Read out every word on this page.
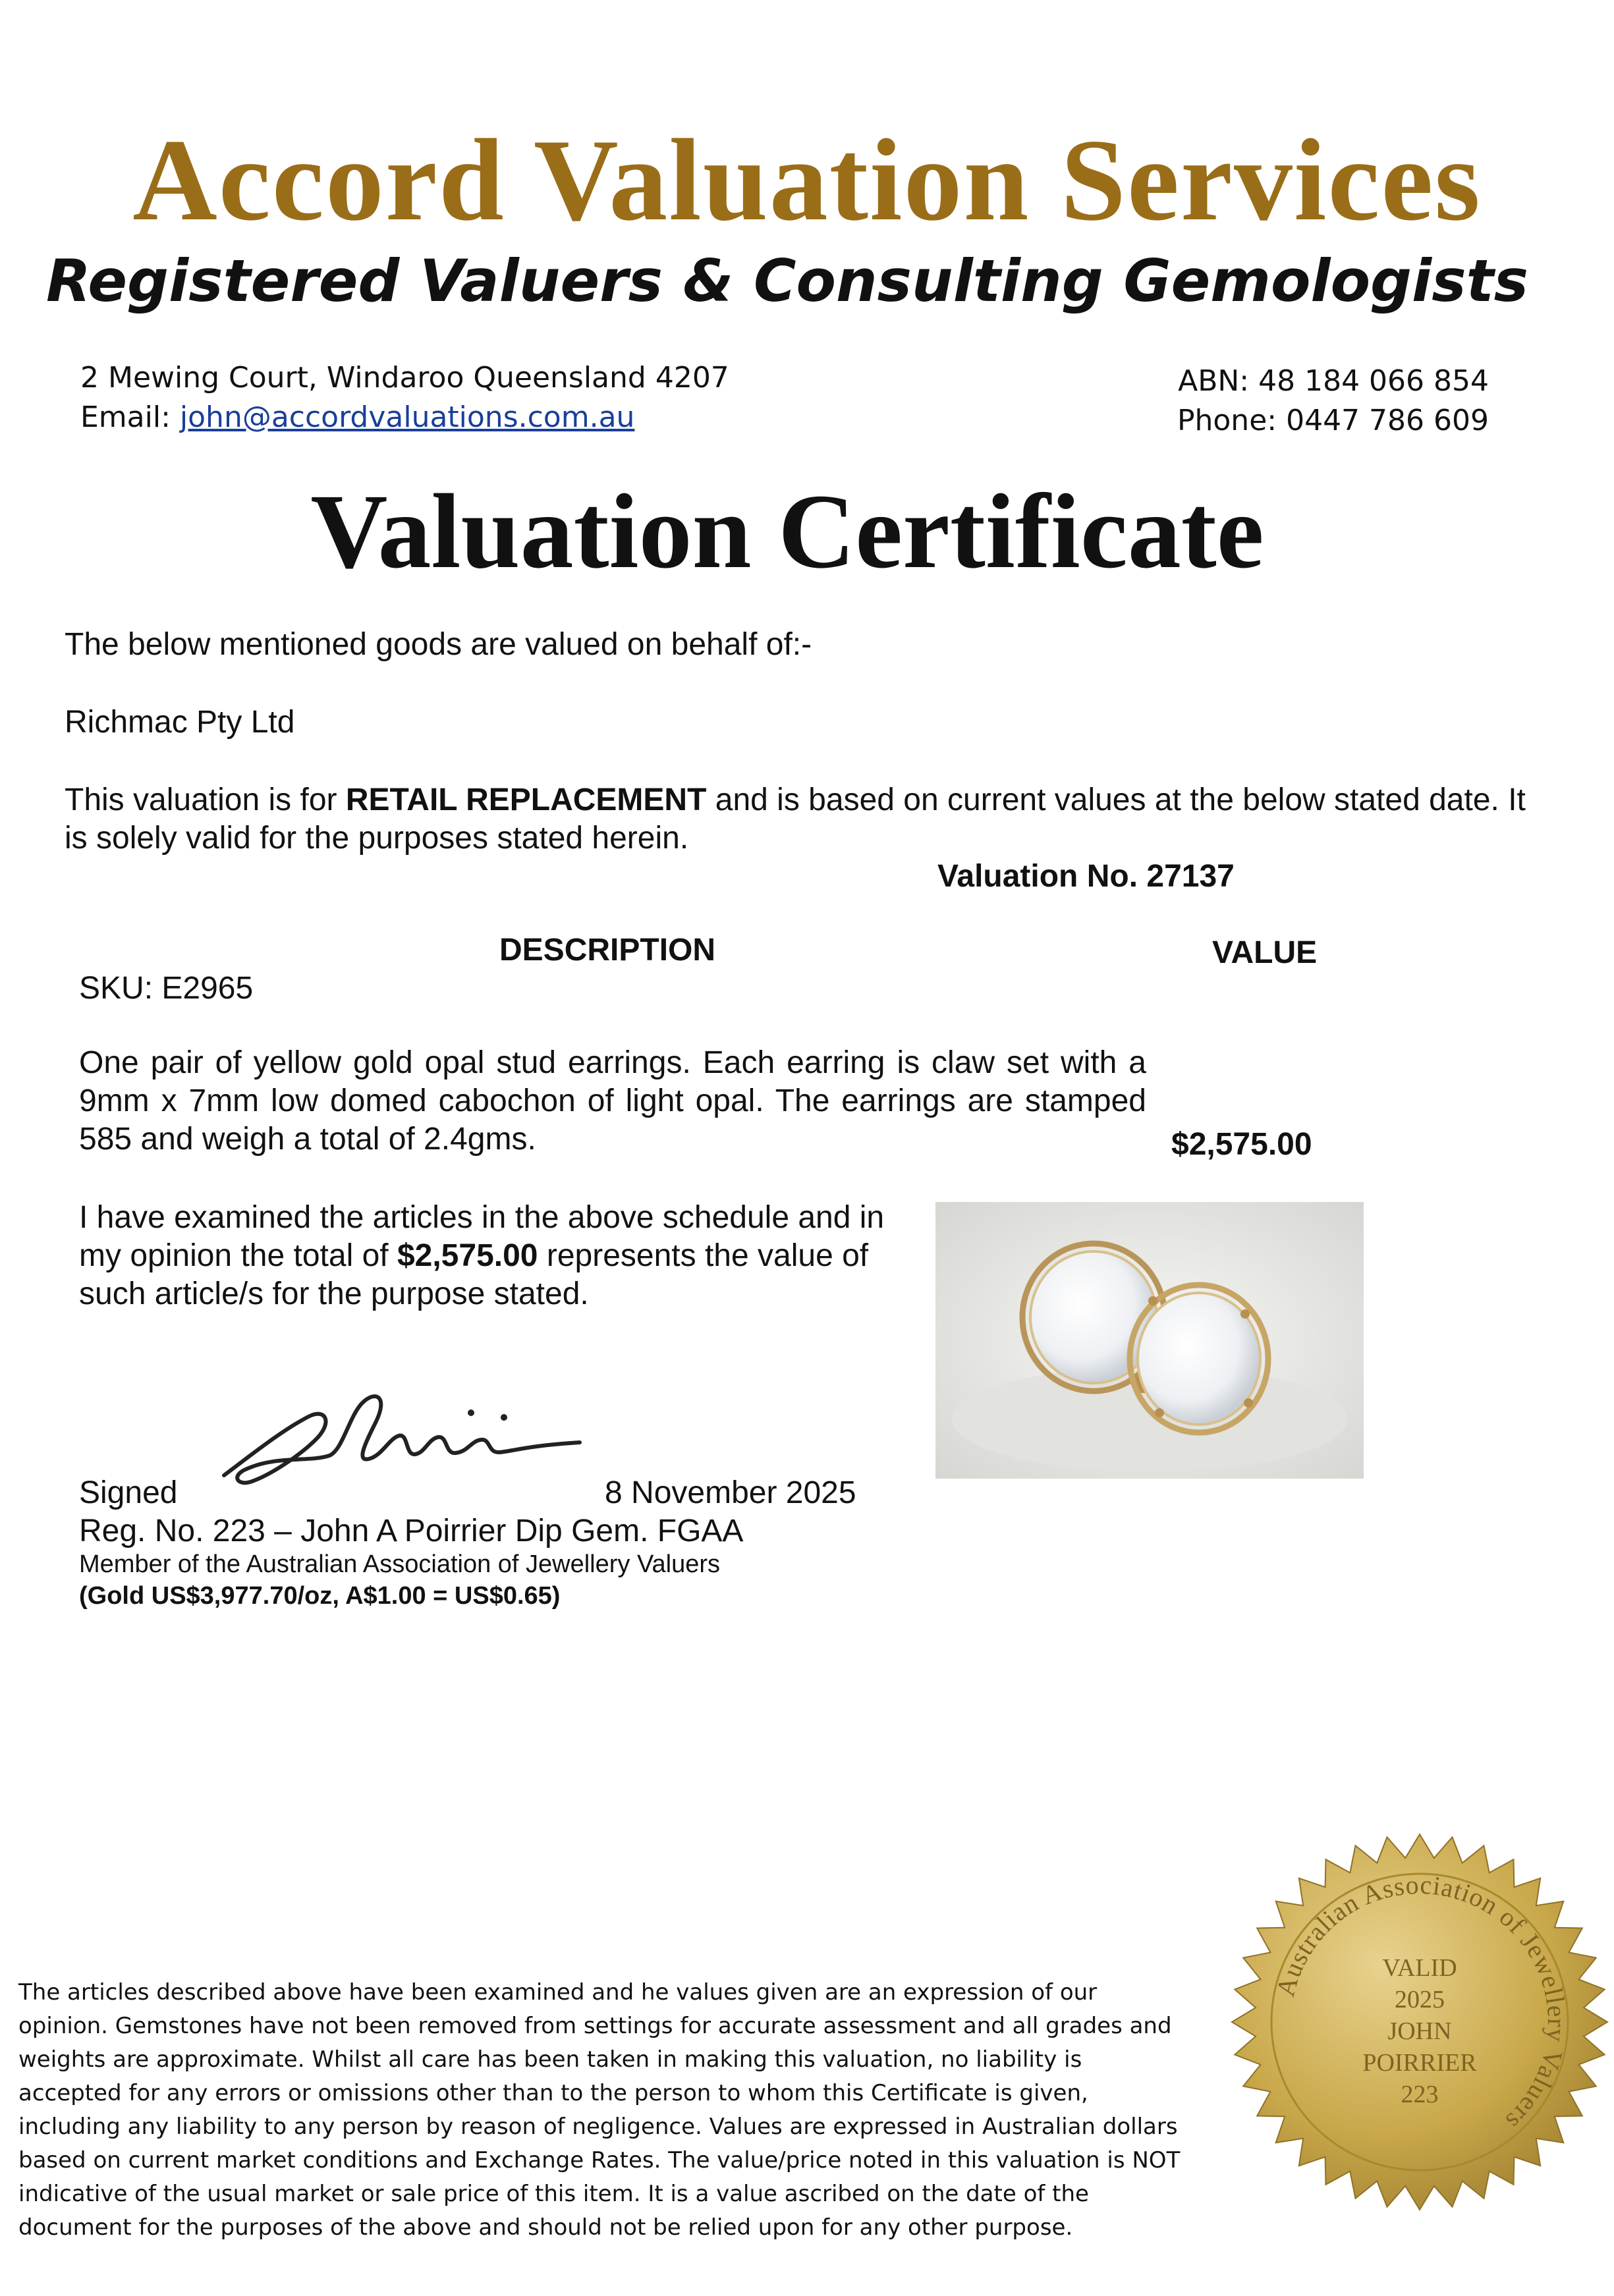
Accord Valuation Services
Registered Valuers & Consulting Gemologists
2 Mewing Court, Windaroo Queensland 4207
Email: john@accordvaluations.com.au
ABN: 48 184 066 854
Phone: 0447 786 609
Valuation Certificate
The below mentioned goods are valued on behalf of:-
Richmac Pty Ltd
This valuation is for RETAIL REPLACEMENT and is based on current values at the below stated date. It is solely valid for the purposes stated herein.
Valuation No. 27137
DESCRIPTION	VALUE
SKU: E2965
One pair of yellow gold opal stud earrings. Each earring is claw set with a 9mm x 7mm low domed cabochon of light opal. The earrings are stamped 585 and weigh a total of 2.4gms.	$2,575.00
I have examined the articles in the above schedule and in my opinion the total of $2,575.00 represents the value of such article/s for the purpose stated.
Signed	8 November 2025
Reg. No. 223 – John A Poirrier Dip Gem. FGAA
Member of the Australian Association of Jewellery Valuers
(Gold US$3,977.70/oz, A$1.00 = US$0.65)
The articles described above have been examined and he values given are an expression of our opinion. Gemstones have not been removed from settings for accurate assessment and all grades and weights are approximate. Whilst all care has been taken in making this valuation, no liability is accepted for any errors or omissions other than to the person to whom this Certificate is given, including any liability to any person by reason of negligence. Values are expressed in Australian dollars based on current market conditions and Exchange Rates. The value/price noted in this valuation is NOT indicative of the usual market or sale price of this item. It is a value ascribed on the date of the document for the purposes of the above and should not be relied upon for any other purpose.
Australian Association of Jewellery Valuers
VALID
2025
JOHN
POIRRIER
223
